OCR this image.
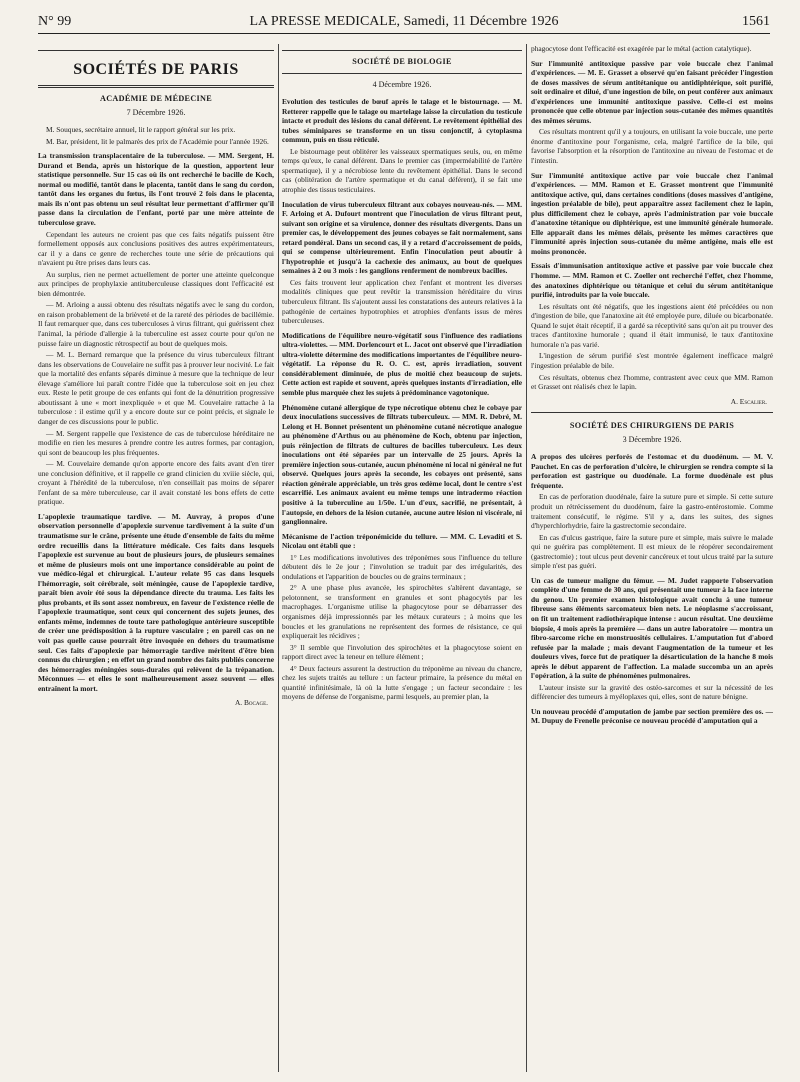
N° 99	LA PRESSE MEDICALE, Samedi, 11 Décembre 1926	1561
SOCIÉTÉS DE PARIS
ACADÉMIE DE MÉDECINE
7 Décembre 1926.

M. Souques, secrétaire annuel, lit le rapport général sur les prix.

M. Bar, président, lit le palmarès des prix de l'Académie pour l'année 1926.

La transmission transplacentaire de la tuberculose. — MM. Sergent, H. Durand et Benda, après un historique de la question, apportent leur statistique personnelle. Sur 15 cas où ils ont recherché le bacille de Koch, normal ou modifié, tantôt dans le placenta, tantôt dans le sang du cordon, tantôt dans les organes du fœtus, ils l'ont trouvé 2 fois dans le placenta, mais ils n'ont pas obtenu un seul résultat leur permettant d'affirmer qu'il passe dans la circulation de l'enfant, porté par une mère atteinte de tuberculose grave.

Cependant les auteurs ne croient pas que ces faits négatifs puissent être formellement opposés aux conclusions positives des autres expérimentateurs, car il y a dans ce genre de recherches toute une série de précautions qui n'avaient pu être prises dans leurs cas.

Au surplus, rien ne permet actuellement de porter une atteinte quelconque aux principes de prophylaxie antituberculeuse classiques dont l'efficacité est bien démontrée.

— M. Arloing a aussi obtenu des résultats négatifs avec le sang du cordon, en raison probablement de la brièveté et de la rareté des périodes de bacillémie. Il faut remarquer que, dans ces tuberculoses à virus filtrant, qui guérissent chez l'animal, la période d'allergie à la tuberculine est assez courte pour qu'on ne puisse faire un diagnostic rétrospectif au bout de quelques mois.

— M. L. Bernard remarque que la présence du virus tuberculeux filtrant dans les observations de Couvelaire ne suffit pas à prouver leur nocivité. Le fait que la mortalité des enfants séparés diminue à mesure que la technique de leur élevage s'améliore lui paraît contre l'idée que la tuberculose soit en jeu chez eux. Reste le petit groupe de ces enfants qui font de la dénutrition progressive aboutissant à une « mort inexpliquée » et que M. Couvelaire rattache à la tuberculose : il estime qu'il y a encore doute sur ce point précis, et signale le danger de ces discussions pour le public.

— M. Sergent rappelle que l'existence de cas de tuberculose héréditaire ne modifie en rien les mesures à prendre contre les autres formes, par contagion, qui sont de beaucoup les plus fréquentes.

— M. Couvelaire demande qu'on apporte encore des faits avant d'en tirer une conclusion définitive, et il rappelle ce grand clinicien du xviiie siècle, qui, croyant à l'hérédité de la tuberculose, n'en conseillait pas moins de séparer l'enfant de sa mère tuberculeuse, car il avait constaté les bons effets de cette pratique.

L'apoplexie traumatique tardive. — M. Auvray, à propos d'une observation personnelle d'apoplexie survenue tardivement à la suite d'un traumatisme sur le crâne, présente une étude d'ensemble de faits du même ordre recueillis dans la littérature médicale. Ces faits dans lesquels l'apoplexie est survenue au bout de plusieurs jours, de plusieurs semaines et même de plusieurs mois ont une importance considérable au point de vue médico-légal et chirurgical. L'auteur relate 95 cas dans lesquels l'hémorragie, soit cérébrale, soit méningée, cause de l'apoplexie tardive, paraît bien avoir été sous la dépendance directe du trauma. Les faits les plus probants, et ils sont assez nombreux, en faveur de l'existence réelle de l'apoplexie traumatique, sont ceux qui concernent des sujets jeunes, des enfants même, indemnes de toute tare pathologique antérieure susceptible de créer une prédisposition à la rupture vasculaire ; en pareil cas on ne voit pas quelle cause pourrait être invoquée en dehors du traumatisme seul. Ces faits d'apoplexie par hémorragie tardive méritent d'être bien connus du chirurgien ; en effet un grand nombre des faits publiés concerne des hémorragies méningées sous-durales qui relèvent de la trépanation. Méconnues — et elles le sont malheureusement assez souvent — elles entraînent la mort.

A. Bocage.
SOCIÉTÉ DE BIOLOGIE
4 Décembre 1926.

Evolution des testicules de bœuf après le talage et le bistournage. — M. Retterer rappelle que le talage ou martelage laisse la circulation du testicule intacte et produit des lésions du canal déférent. Le revêtement épithélial des tubes séminipares se transforme en un tissu conjonctif, à cytoplasma commun, puis en tissu réticulé.

Le bistournage peut oblitérer les vaisseaux spermatiques seuls, ou, en même temps qu'eux, le canal déférent. Dans le premier cas (imperméabilité de l'artère spermatique), il y a nécrobiose lente du revêtement épithélial. Dans le second cas (oblitération de l'artère spermatique et du canal déférent), il se fait une atrophie des tissus testiculaires.

Inoculation de virus tuberculeux filtrant aux cobayes nouveau-nés. — MM. F. Arloing et A. Dufourt montrent que l'inoculation de virus filtrant peut, suivant son origine et sa virulence, donner des résultats divergents. Dans un premier cas, le développement des jeunes cobayes se fait normalement, sans retard pondéral. Dans un second cas, il y a retard d'accroissement de poids, qui se compense ultérieurement. Enfin l'inoculation peut aboutir à l'hypotrophie et jusqu'à la cachexie des animaux, au bout de quelques semaines à 2 ou 3 mois : les ganglions renferment de nombreux bacilles.

Ces faits trouvent leur application chez l'enfant et montrent les diverses modalités cliniques que peut revêtir la transmission héréditaire du virus tuberculeux filtrant. Ils s'ajoutent aussi les constatations des auteurs relatives à la pathogénie de certaines hypotrophies et atrophies d'enfants issus de mères tuberculeuses.

Modifications de l'équilibre neuro-végétatif sous l'influence des radiations ultra-violettes. — MM. Dorlencourt et L. Jacot ont observé que l'irradiation ultra-violette détermine des modifications importantes de l'équilibre neuro-végétatif. La réponse du R. O. C. est, après irradiation, souvent considérablement diminuée, de plus de moitié chez beaucoup de sujets. Cette action est rapide et souvent, après quelques instants d'irradiation, elle semble plus marquée chez les sujets à prédominance vagotonique.

Phénomène cutané allergique de type nécrotique obtenu chez le cobaye par deux inoculations successives de filtrats tuberculeux. — MM. R. Debré, M. Lelong et H. Bonnet présentent un phénomène cutané nécrotique analogue au phénomène d'Arthus ou au phénomène de Koch, obtenu par injection, puis réinjection de filtrats de cultures de bacilles tuberculeux. Les deux inoculations ont été séparées par un intervalle de 25 jours. Après la première injection sous-cutanée, aucun phénomène ni local ni général ne fut observé. Quelques jours après la seconde, les cobayes ont présenté, sans réaction générale appréciable, un très gros œdème local, dont le centre s'est escarrifié. Les animaux avaient eu même temps une intradermo réaction positive à la tuberculine au 1/50e. L'un d'eux, sacrifié, ne présentait, à l'autopsie, en dehors de la lésion cutanée, aucune autre lésion ni viscérale, ni ganglionnaire.

Mécanisme de l'action tréponémicide du tellure. — MM. C. Levaditi et S. Nicolau ont établi que :

1° Les modifications involutives des tréponèmes sous l'influence du tellure débutent dès le 2e jour ; l'involution se traduit par des irrégularités, des ondulations et l'apparition de boucles ou de grains terminaux ;

2° A une phase plus avancée, les spirochètes s'altèrent davantage, se pelotonnent, se transforment en granules et sont phagocytés par les macrophages. L'organisme utilise la phagocytose pour se débarrasser des organismes déjà impressionnés par les métaux curateurs ; à moins que les boucles et les granulations ne représentent des formes de résistance, ce qui expliquerait les récidives ;

3° Il semble que l'involution des spirochètes et la phagocytose soient en rapport direct avec la teneur en tellure élément ;

4° Deux facteurs assurent la destruction du tréponème au niveau du chancre, chez les sujets traités au tellure : un facteur primaire, la présence du métal en quantité infinitésimale, là où la lutte s'engage ; un facteur secondaire : les moyens de défense de l'organisme, parmi lesquels, au premier plan, la

phagocytose dont l'efficacité est exagérée par le métal (action catalytique).

Sur l'immunité antitoxique passive par voie buccale chez l'animal d'expériences. — M. E. Grasset a observé qu'en faisant précéder l'ingestion de doses massives de sérum antitétanique ou antidiphtérique, soit purifié, soit ordinaire et dilué, d'une ingestion de bile, on peut conférer aux animaux d'expériences une immunité antitoxique passive. Celle-ci est moins prononcée que celle obtenue par injection sous-cutanée des mêmes quantités des mêmes sérums.

Ces résultats montrent qu'il y a toujours, en utilisant la voie buccale, une perte énorme d'antitoxine pour l'organisme, cela, malgré l'artifice de la bile, qui favorise l'absorption et la résorption de l'antitoxine au niveau de l'estomac et de l'intestin.

Sur l'immunité antitoxique active par voie buccale chez l'animal d'expériences. — MM. Ramon et E. Grasset montrent que l'immunité antitoxique active, qui, dans certaines conditions (doses massives d'antigène, ingestion préalable de bile), peut apparaître assez facilement chez le lapin, plus difficilement chez le cobaye, après l'administration par voie buccale d'anatoxine tétanique ou diphtérique, est une immunité générale humorale. Elle apparaît dans les mêmes délais, présente les mêmes caractères que l'immunité après injection sous-cutanée du même antigène, mais elle est moins prononcée.

Essais d'immunisation antitoxique active et passive par voie buccale chez l'homme. — MM. Ramon et C. Zoeller ont recherché l'effet, chez l'homme, des anatoxines diphtérique ou tétanique et celui du sérum antitétanique purifié, introduits par la voie buccale.

Les résultats ont été négatifs, que les ingestions aient été précédées ou non d'ingestion de bile, que l'anatoxine ait été employée pure, diluée ou bicarbonatée. Quand le sujet était réceptif, il a gardé sa réceptivité sans qu'on ait pu trouver des traces d'antitoxine humorale ; quand il était immunisé, le taux d'antitoxine humorale n'a pas varié.

L'ingestion de sérum purifié s'est montrée également inefficace malgré l'ingestion préalable de bile.

Ces résultats, obtenus chez l'homme, contrastent avec ceux que MM. Ramon et Grasset ont réalisés chez le lapin.

A. Escalier.
SOCIÉTÉ DES CHIRURGIENS DE PARIS
3 Décembre 1926.

A propos des ulcères perforés de l'estomac et du duodénum. — M. V. Pauchet. En cas de perforation d'ulcère, le chirurgien se rendra compte si la perforation est gastrique ou duodénale. La forme duodénale est plus fréquente.

En cas de perforation duodénale, faire la suture pure et simple. Si cette suture produit un rétrécissement du duodénum, faire la gastro-entérostomie. Comme traitement consécutif, le régime. S'il y a, dans les suites, des signes d'hyperchlorhydrie, faire la gastrectomie secondaire.

En cas d'ulcus gastrique, faire la suture pure et simple, mais suivre le malade qui ne guérira pas complètement. Il est mieux de le réopérer secondairement (gastrectomie) ; tout ulcus peut devenir cancéreux et tout ulcus traité par la suture simple n'est pas guéri.

Un cas de tumeur maligne du fémur. — M. Judet rapporte l'observation complète d'une femme de 30 ans, qui présentait une tumeur à la face interne du genou. Un premier examen histologique avait conclu à une tumeur fibreuse sans éléments sarcomateux bien nets. Le néoplasme s'accroissant, on fit un traitement radiothérapique intense : aucun résultat. Une deuxième biopsie, 4 mois après la première — dans un autre laboratoire — montra un fibro-sarcome riche en monstruosités cellulaires. L'amputation fut d'abord refusée par la malade ; mais devant l'augmentation de la tumeur et les douleurs vives, force fut de pratiquer la désarticulation de la hanche 8 mois après le début apparent de l'affection. La malade succomba un an après l'opération, à la suite de phénomènes pulmonaires.

L'auteur insiste sur la gravité des ostéo-sarcomes et sur la nécessité de les différencier des tumeurs à myéloplaxes qui, elles, sont de nature bénigne.

Un nouveau procédé d'amputation de jambe par section première des os. — M. Dupuy de Frenelle préconise ce nouveau procédé d'amputation qui a
